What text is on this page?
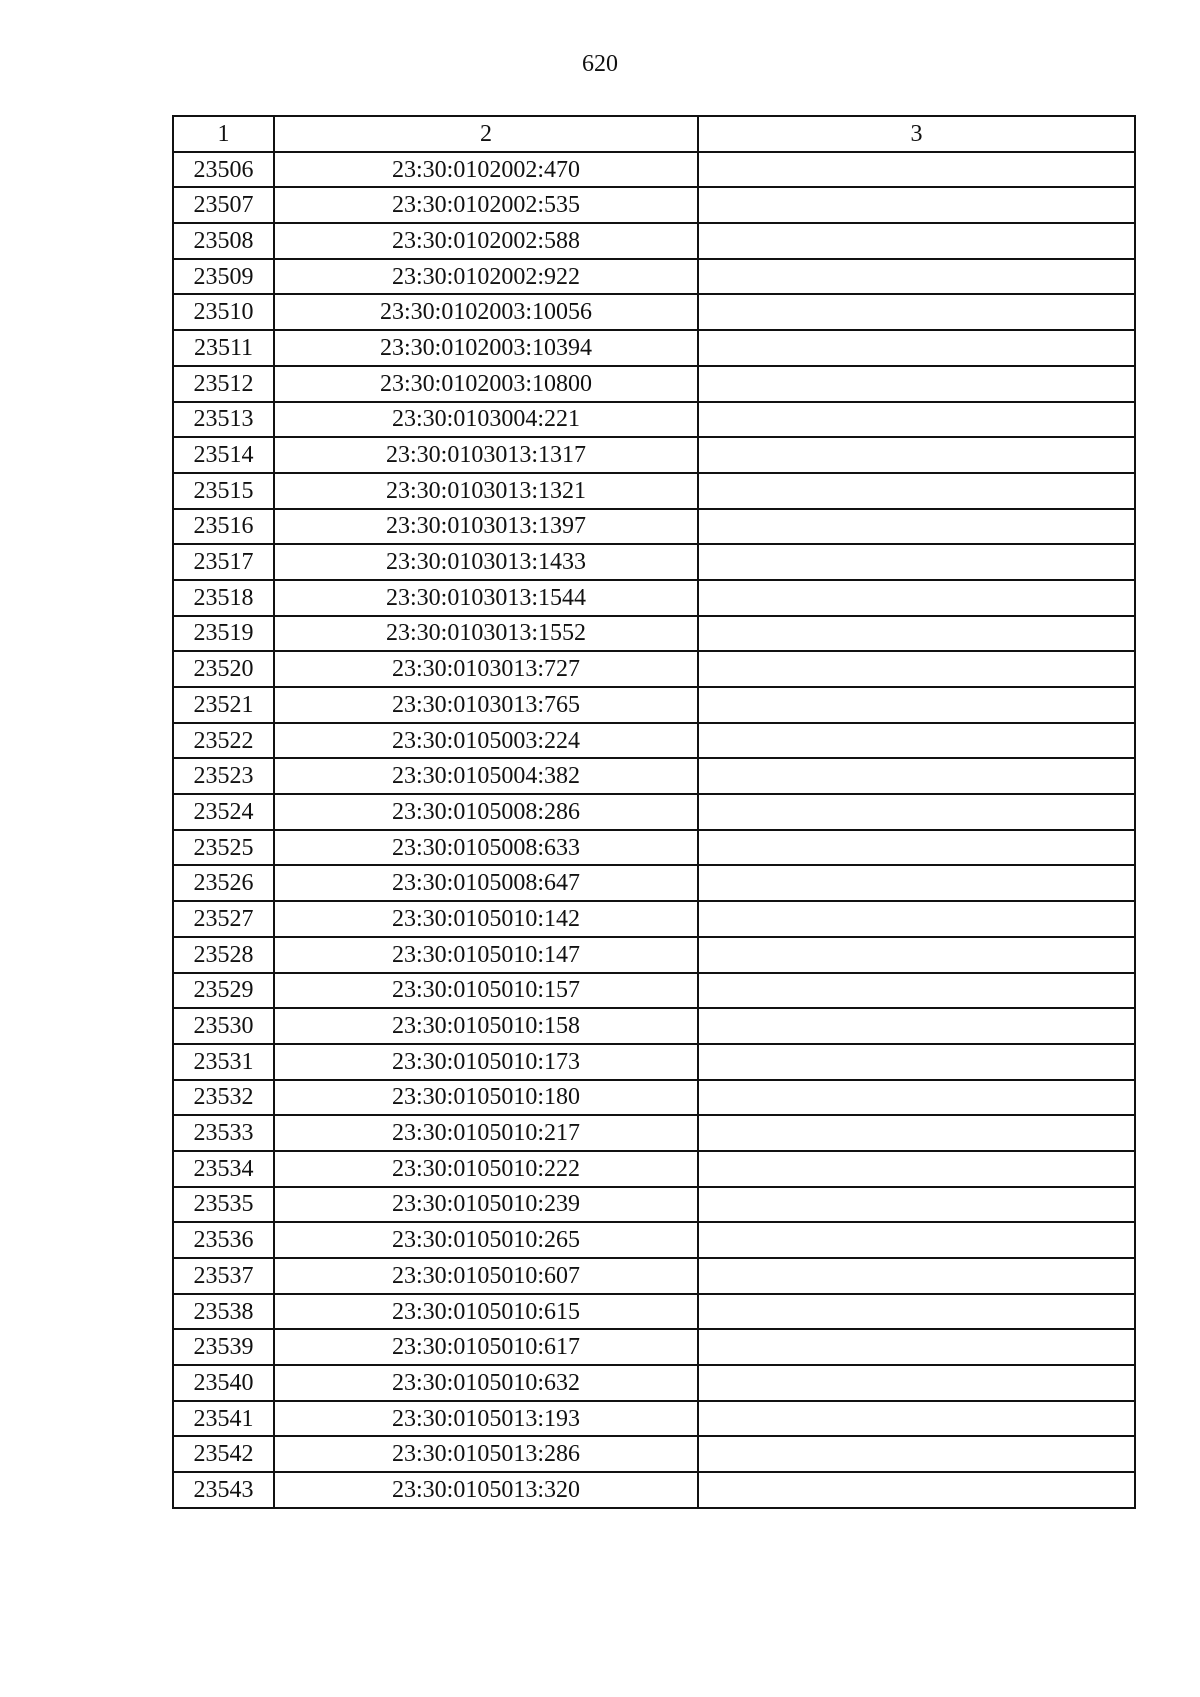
620
1	2	3
23506	23:30:0102002:470	
23507	23:30:0102002:535	
23508	23:30:0102002:588	
23509	23:30:0102002:922	
23510	23:30:0102003:10056	
23511	23:30:0102003:10394	
23512	23:30:0102003:10800	
23513	23:30:0103004:221	
23514	23:30:0103013:1317	
23515	23:30:0103013:1321	
23516	23:30:0103013:1397	
23517	23:30:0103013:1433	
23518	23:30:0103013:1544	
23519	23:30:0103013:1552	
23520	23:30:0103013:727	
23521	23:30:0103013:765	
23522	23:30:0105003:224	
23523	23:30:0105004:382	
23524	23:30:0105008:286	
23525	23:30:0105008:633	
23526	23:30:0105008:647	
23527	23:30:0105010:142	
23528	23:30:0105010:147	
23529	23:30:0105010:157	
23530	23:30:0105010:158	
23531	23:30:0105010:173	
23532	23:30:0105010:180	
23533	23:30:0105010:217	
23534	23:30:0105010:222	
23535	23:30:0105010:239	
23536	23:30:0105010:265	
23537	23:30:0105010:607	
23538	23:30:0105010:615	
23539	23:30:0105010:617	
23540	23:30:0105010:632	
23541	23:30:0105013:193	
23542	23:30:0105013:286	
23543	23:30:0105013:320	
